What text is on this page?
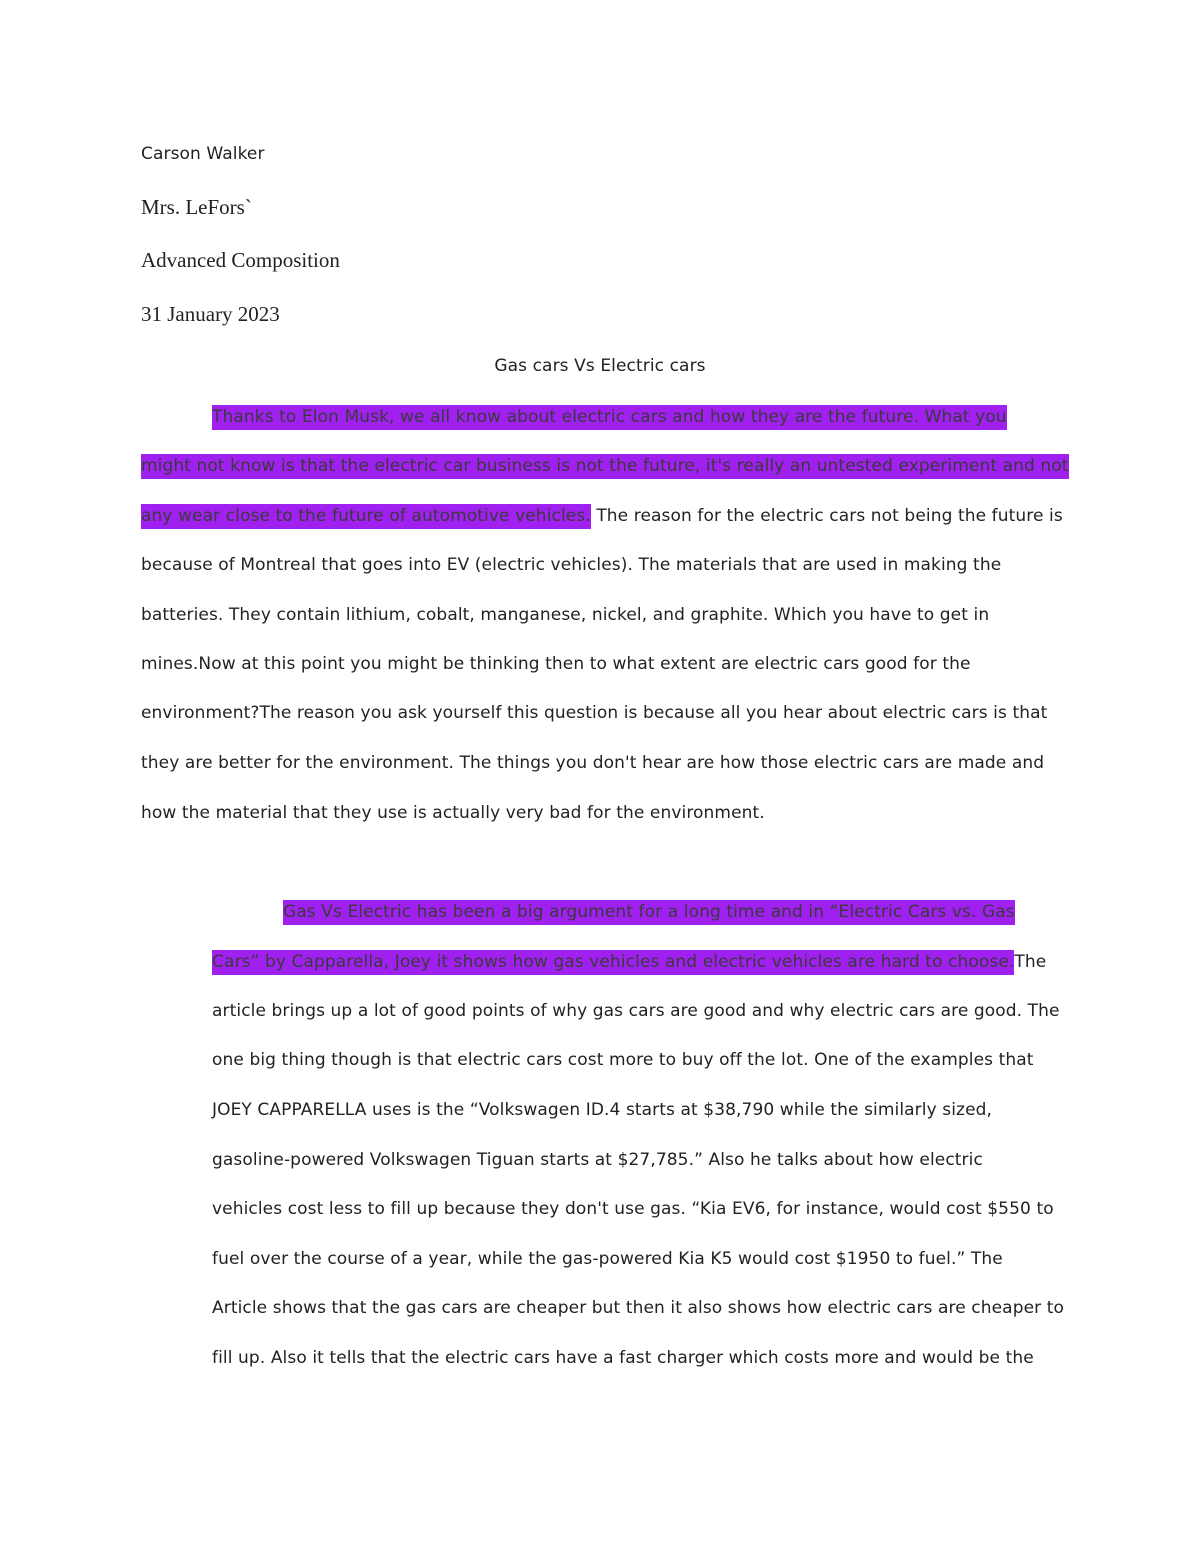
Carson Walker
Mrs. LeFors`
Advanced Composition
31 January 2023
Gas cars Vs Electric cars
Thanks to Elon Musk, we all know about electric cars and how they are the future. What you
might not know is that the electric car business is not the future, it's really an untested experiment and not
any wear close to the future of automotive vehicles. The reason for the electric cars not being the future is
because of Montreal that goes into EV (electric vehicles). The materials that are used in making the
batteries. They contain lithium, cobalt, manganese, nickel, and graphite. Which you have to get in
mines.Now at this point you might be thinking then to what extent are electric cars good for the
environment?The reason you ask yourself this question is because all you hear about electric cars is that
they are better for the environment. The things you don't hear are how those electric cars are made and
how the material that they use is actually very bad for the environment.
Gas Vs Electric has been a big argument for a long time and in “Electric Cars vs. Gas
Cars” by Capparella, Joey it shows how gas vehicles and electric vehicles are hard to choose.The
article brings up a lot of good points of why gas cars are good and why electric cars are good. The
one big thing though is that electric cars cost more to buy off the lot. One of the examples that
JOEY CAPPARELLA uses is the “Volkswagen ID.4 starts at $38,790 while the similarly sized,
gasoline-powered Volkswagen Tiguan starts at $27,785.” Also he talks about how electric
vehicles cost less to fill up because they don't use gas. “Kia EV6, for instance, would cost $550 to
fuel over the course of a year, while the gas-powered Kia K5 would cost $1950 to fuel.” The
Article shows that the gas cars are cheaper but then it also shows how electric cars are cheaper to
fill up. Also it tells that the electric cars have a fast charger which costs more and would be the
